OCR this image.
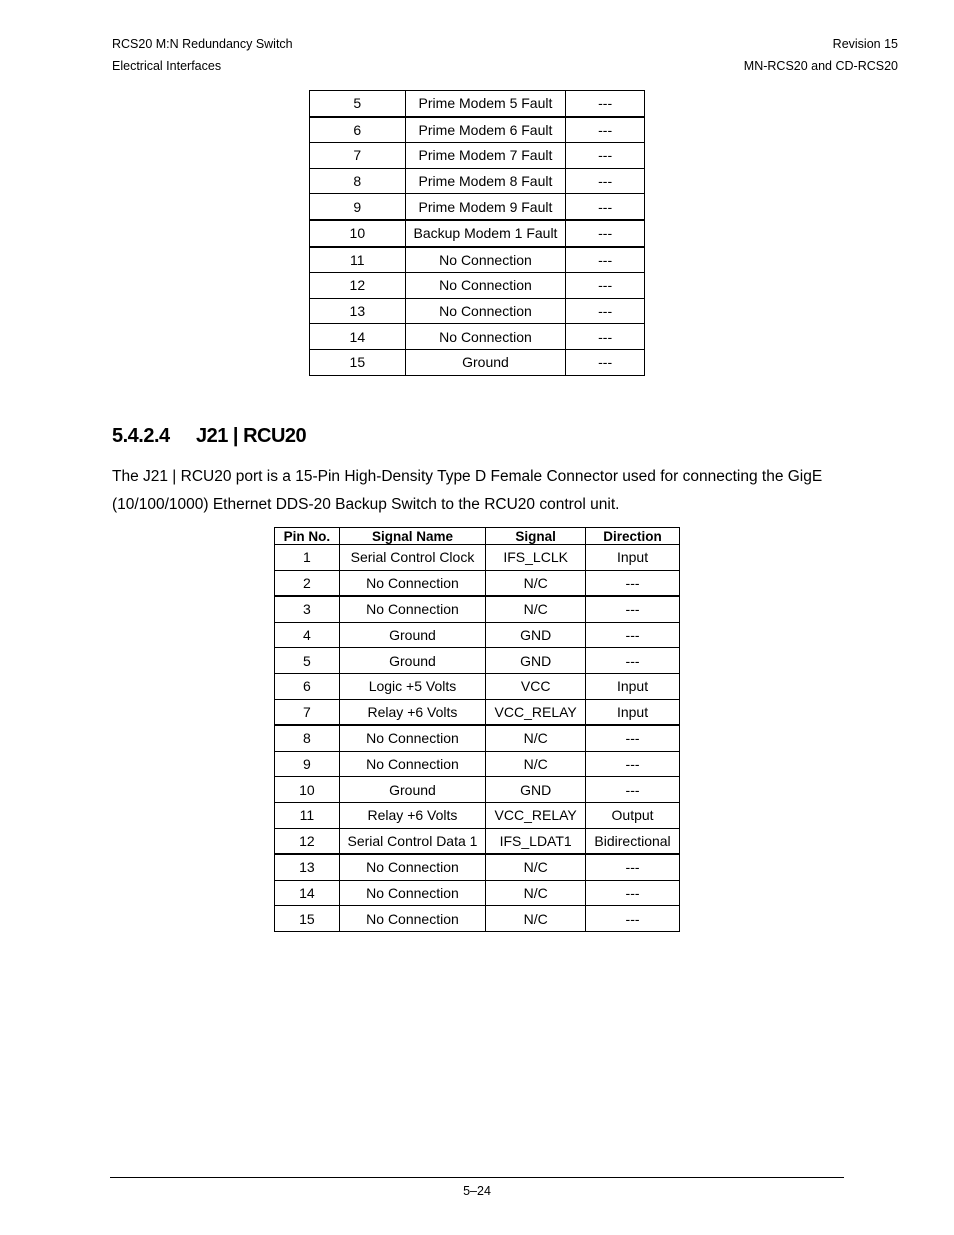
RCS20 M:N Redundancy Switch
Electrical Interfaces
Revision 15
MN-RCS20 and CD-RCS20
5	Prime Modem 5 Fault	---
6	Prime Modem 6 Fault	---
7	Prime Modem 7 Fault	---
8	Prime Modem 8 Fault	---
9	Prime Modem 9 Fault	---
10	Backup Modem 1 Fault	---
11	No Connection	---
12	No Connection	---
13	No Connection	---
14	No Connection	---
15	Ground	---
5.4.2.4 J21 | RCU20
The J21 | RCU20 port is a 15-Pin High-Density Type D Female Connector used for connecting the GigE (10/100/1000) Ethernet DDS-20 Backup Switch to the RCU20 control unit.
Pin No.	Signal Name	Signal	Direction
1	Serial Control Clock	IFS_LCLK	Input
2	No Connection	N/C	---
3	No Connection	N/C	---
4	Ground	GND	---
5	Ground	GND	---
6	Logic +5 Volts	VCC	Input
7	Relay +6 Volts	VCC_RELAY	Input
8	No Connection	N/C	---
9	No Connection	N/C	---
10	Ground	GND	---
11	Relay +6 Volts	VCC_RELAY	Output
12	Serial Control Data 1	IFS_LDAT1	Bidirectional
13	No Connection	N/C	---
14	No Connection	N/C	---
15	No Connection	N/C	---
5–24
